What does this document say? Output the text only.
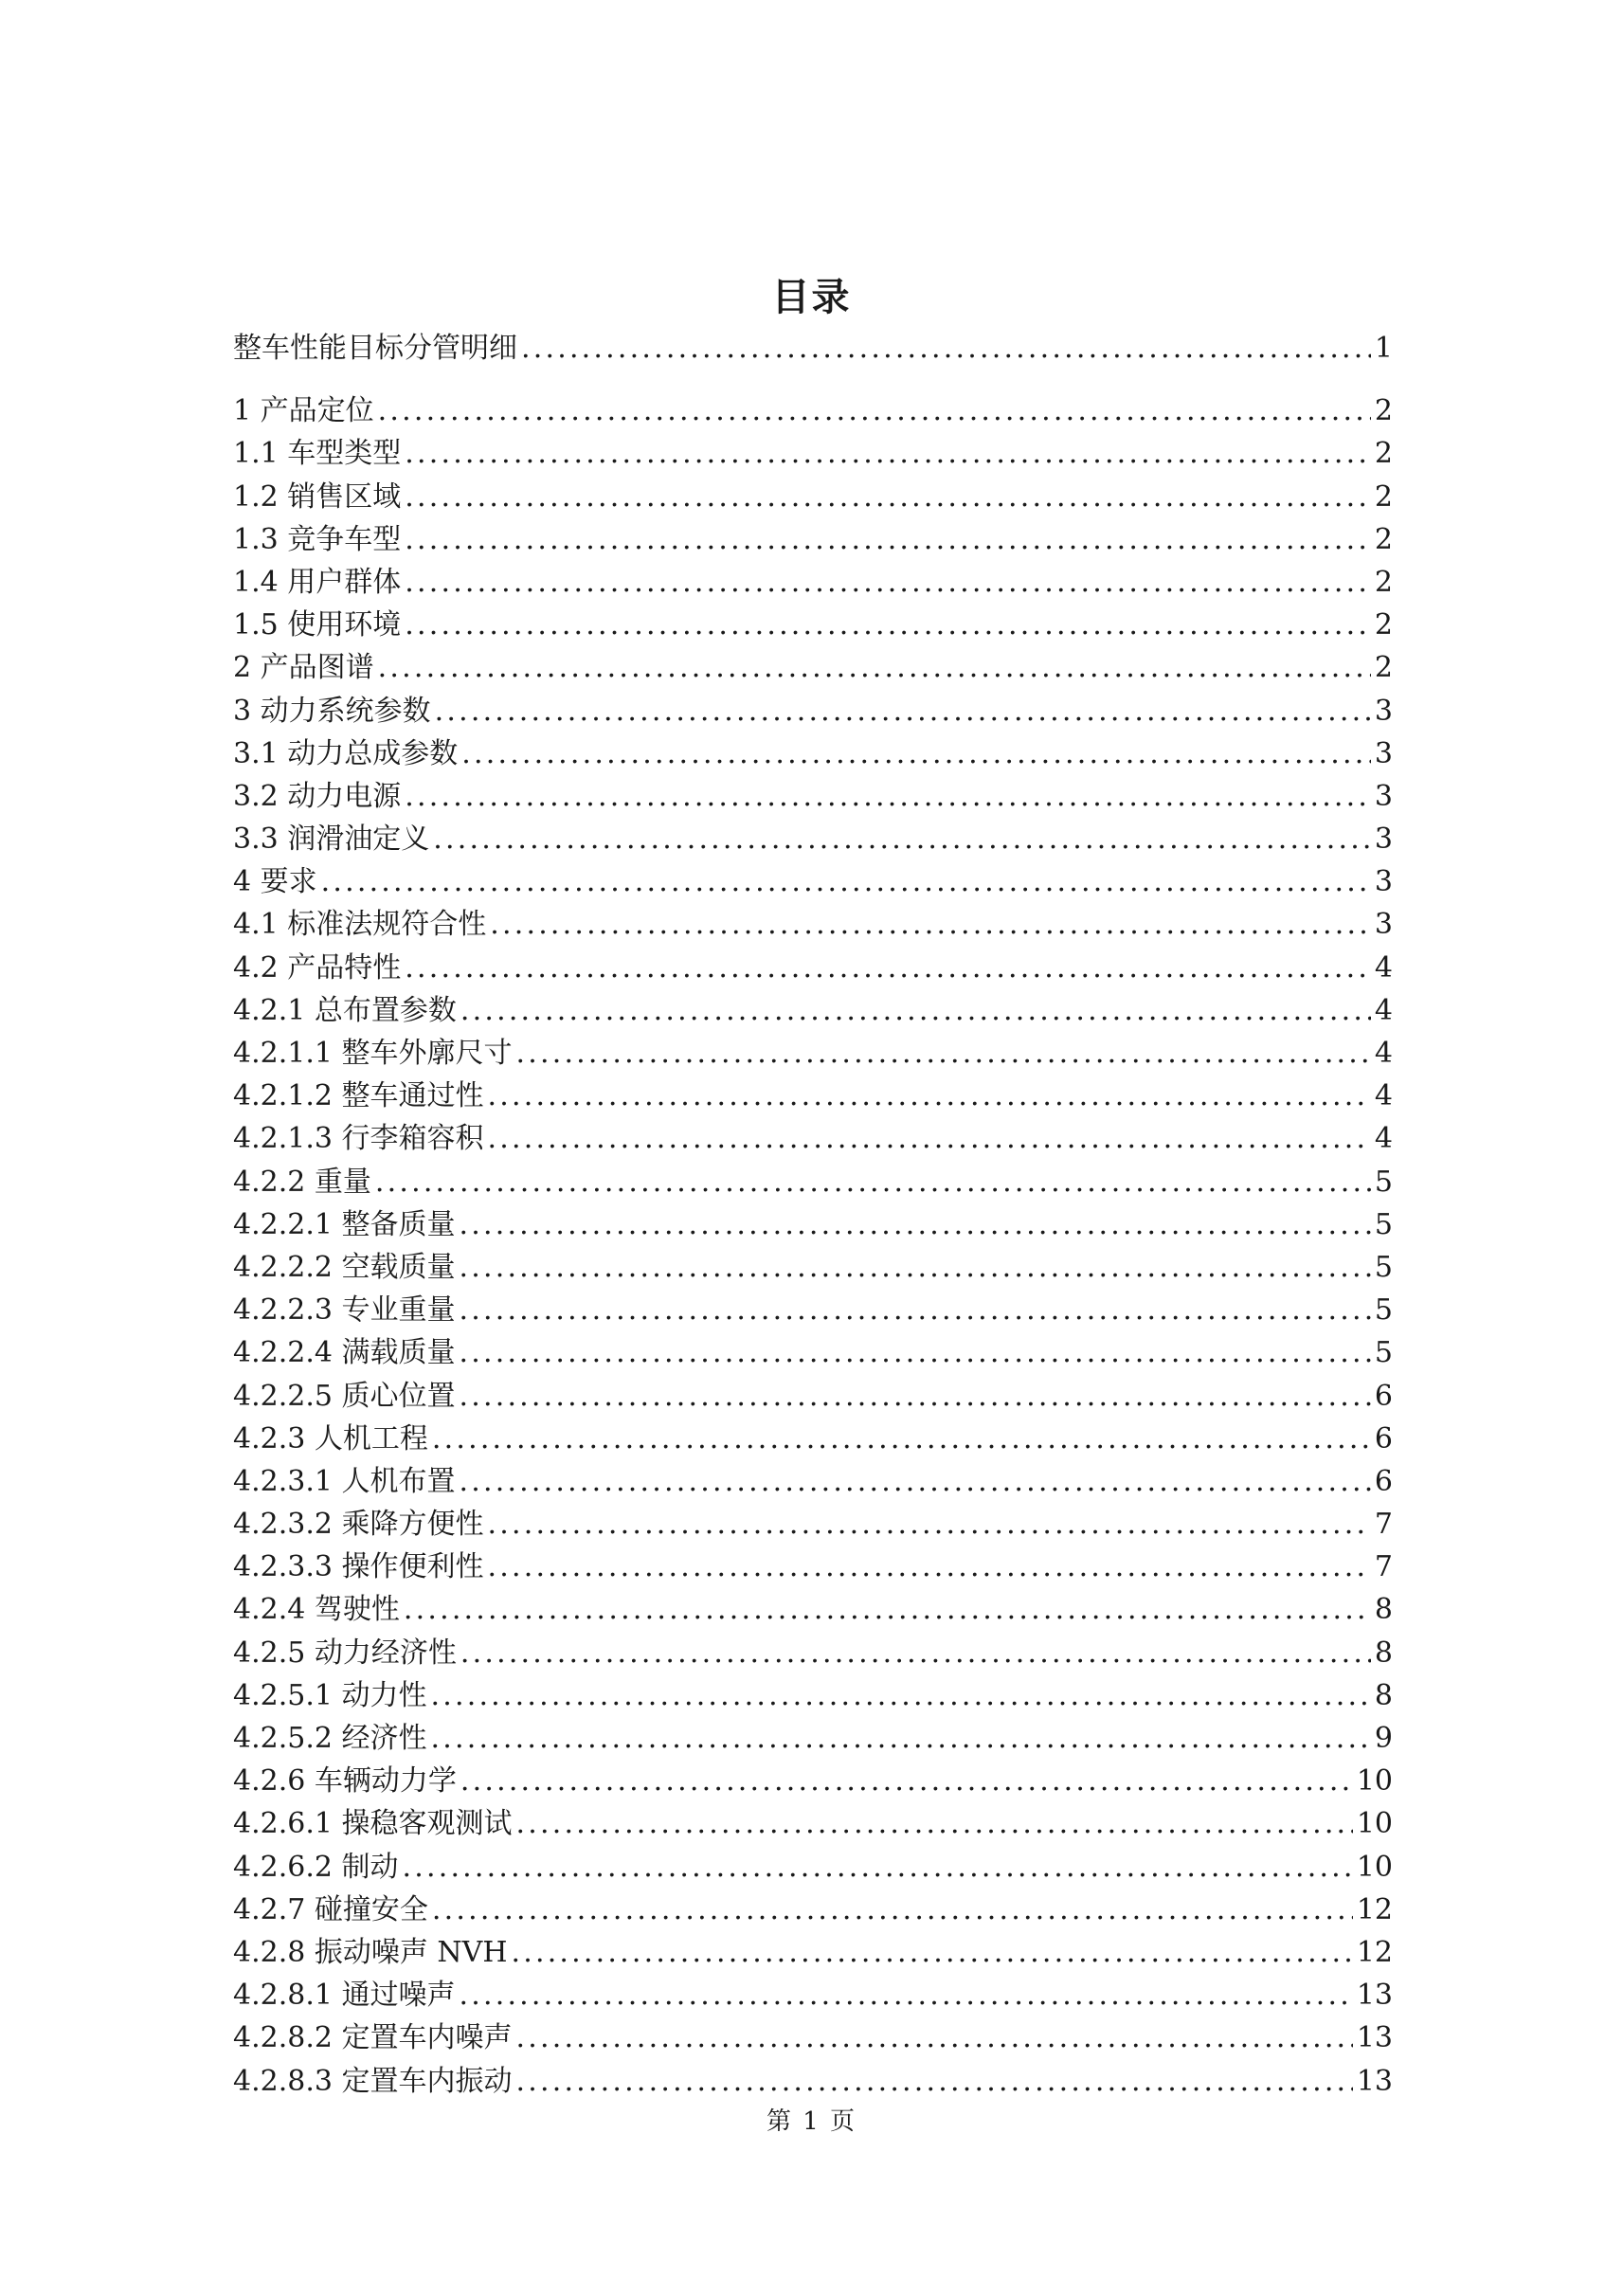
目录
整车性能目标分管明细 .....	1
1 产品定位 .....	2
1.1 车型类型 .....	2
1.2 销售区域 .....	2
1.3 竞争车型 .....	2
1.4 用户群体 .....	2
1.5 使用环境 .....	2
2 产品图谱 .....	2
3 动力系统参数 .....	3
3.1 动力总成参数 .....	3
3.2 动力电源 .....	3
3.3 润滑油定义 .....	3
4 要求 .....	3
4.1 标准法规符合性 .....	3
4.2 产品特性 .....	4
4.2.1 总布置参数 .....	4
4.2.1.1 整车外廓尺寸 .....	4
4.2.1.2 整车通过性 .....	4
4.2.1.3 行李箱容积 .....	4
4.2.2 重量 .....	5
4.2.2.1 整备质量 .....	5
4.2.2.2 空载质量 .....	5
4.2.2.3 专业重量 .....	5
4.2.2.4 满载质量 .....	5
4.2.2.5 质心位置 .....	6
4.2.3 人机工程 .....	6
4.2.3.1 人机布置 .....	6
4.2.3.2 乘降方便性 .....	7
4.2.3.3 操作便利性 .....	7
4.2.4 驾驶性 .....	8
4.2.5 动力经济性 .....	8
4.2.5.1 动力性 .....	8
4.2.5.2 经济性 .....	9
4.2.6 车辆动力学 .....	10
4.2.6.1 操稳客观测试 .....	10
4.2.6.2 制动 .....	10
4.2.7 碰撞安全 .....	12
4.2.8 振动噪声 NVH .....	12
4.2.8.1 通过噪声 .....	13
4.2.8.2 定置车内噪声 .....	13
4.2.8.3 定置车内振动 .....	13
第 1 页
